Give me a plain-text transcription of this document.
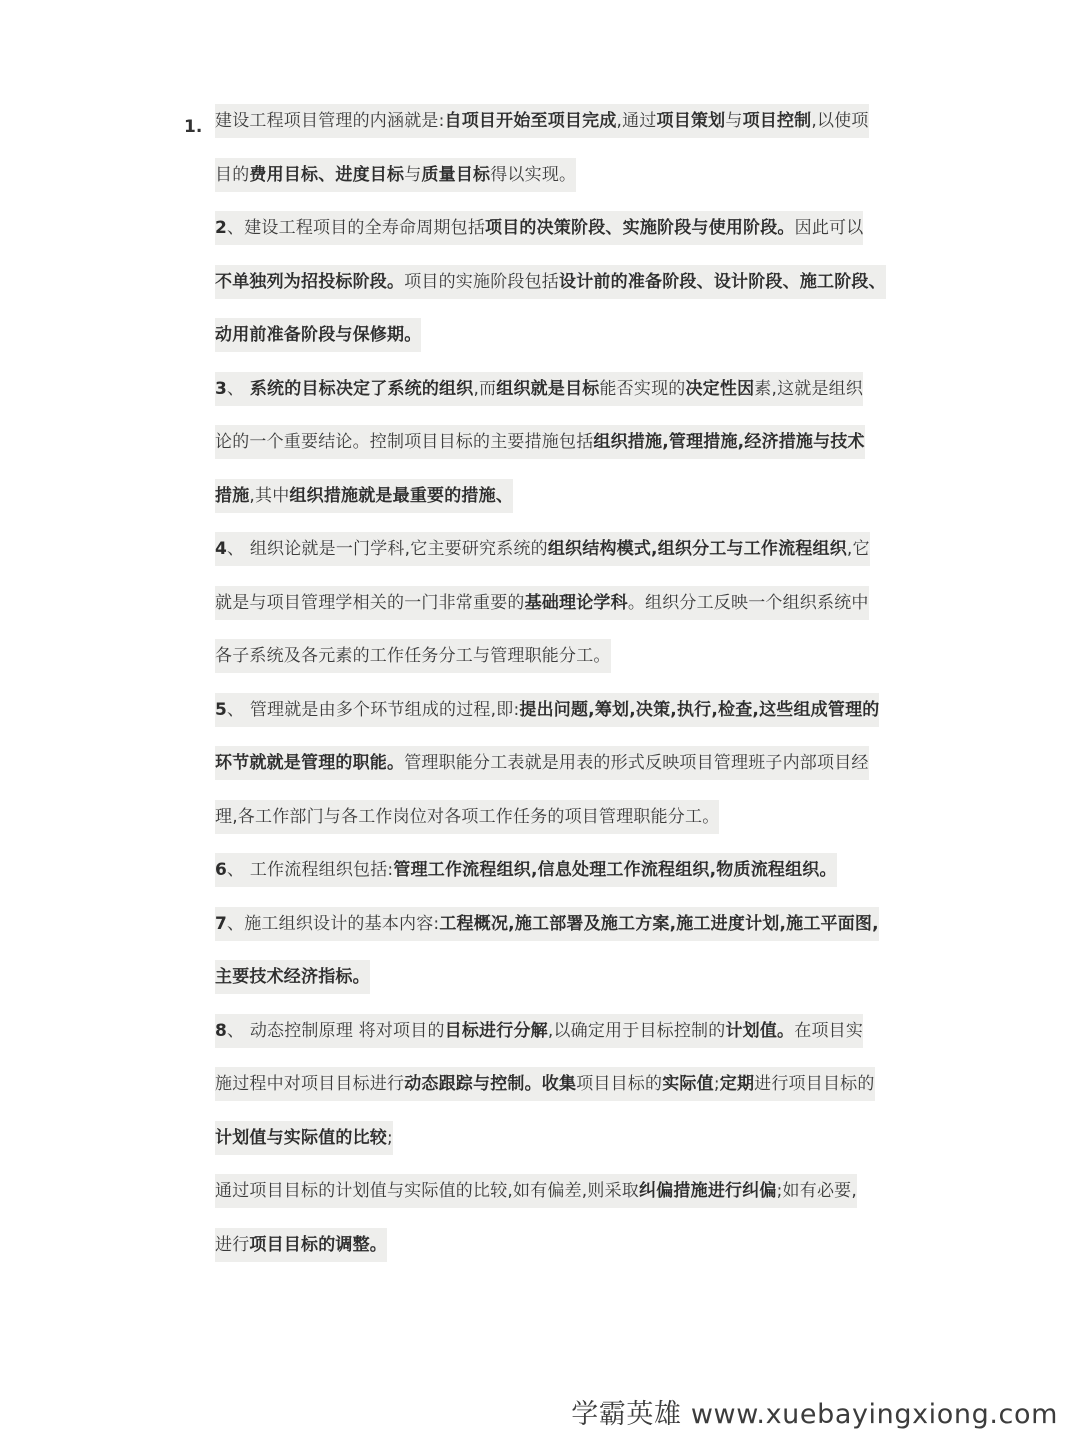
1. 建设工程项目管理的内涵就是:自项目开始至项目完成,通过项目策划与项目控制,以使项
目的费用目标、进度目标与质量目标得以实现。
2、建设工程项目的全寿命周期包括项目的决策阶段、实施阶段与使用阶段。因此可以
不单独列为招投标阶段。项目的实施阶段包括设计前的准备阶段、设计阶段、施工阶段、
动用前准备阶段与保修期。
3、 系统的目标决定了系统的组织,而组织就是目标能否实现的决定性因素,这就是组织
论的一个重要结论。控制项目目标的主要措施包括组织措施,管理措施,经济措施与技术
措施,其中组织措施就是最重要的措施、
4、 组织论就是一门学科,它主要研究系统的组织结构模式,组织分工与工作流程组织,它
就是与项目管理学相关的一门非常重要的基础理论学科。组织分工反映一个组织系统中
各子系统及各元素的工作任务分工与管理职能分工。
5、 管理就是由多个环节组成的过程,即:提出问题,筹划,决策,执行,检查,这些组成管理的
环节就就是管理的职能。管理职能分工表就是用表的形式反映项目管理班子内部项目经
理,各工作部门与各工作岗位对各项工作任务的项目管理职能分工。
6、 工作流程组织包括:管理工作流程组织,信息处理工作流程组织,物质流程组织。
7、施工组织设计的基本内容:工程概况,施工部署及施工方案,施工进度计划,施工平面图,
主要技术经济指标。
8、 动态控制原理 将对项目的目标进行分解,以确定用于目标控制的计划值。在项目实
施过程中对项目目标进行动态跟踪与控制。收集项目目标的实际值;定期进行项目目标的
计划值与实际值的比较;
通过项目目标的计划值与实际值的比较,如有偏差,则采取纠偏措施进行纠偏;如有必要,
进行项目目标的调整。
学霸英雄 www.xuebayingxiong.com
